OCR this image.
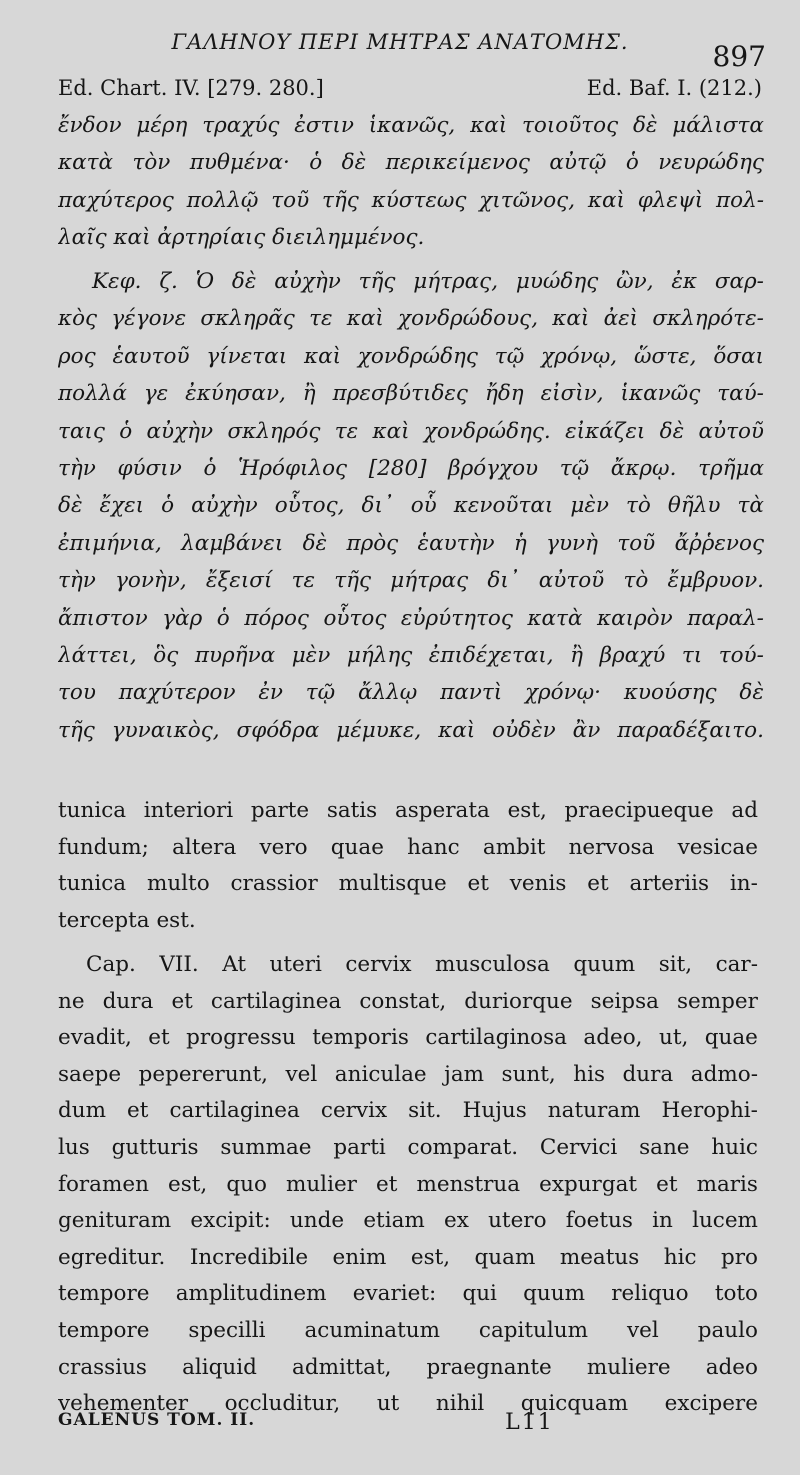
ΓΑΛΗΝΟΥ ΠΕΡΙ ΜΗΤΡΑΣ ΑΝΑΤΟΜΗΣ.	897
Ed. Chart. IV. [279. 280.]	Ed. Baf. I. (212.)
ἔνδον μέρη τραχύς ἐστιν ἱκανῶς, καὶ τοιοῦτος δὲ μάλιστα
κατὰ τὸν πυθμένα· ὁ δὲ περικείμενος αὐτῷ ὁ νευρώδης
παχύτερος πολλῷ τοῦ τῆς κύστεως χιτῶνος, καὶ φλεψὶ πολ-
λαῖς καὶ ἀρτηρίαις διειλημμένος.
Κεφ. ζ. Ὁ δὲ αὐχὴν τῆς μήτρας, μυώδης ὢν, ἐκ σαρ-
κὸς γέγονε σκληρᾶς τε καὶ χονδρώδους, καὶ ἀεὶ σκληρότε-
ρος ἑαυτοῦ γίνεται καὶ χονδρώδης τῷ χρόνῳ, ὥστε, ὅσαι
πολλά γε ἐκύησαν, ἢ πρεσβύτιδες ἤδη εἰσὶν, ἱκανῶς ταύ-
ταις ὁ αὐχὴν σκληρός τε καὶ χονδρώδης. εἰκάζει δὲ αὐτοῦ
τὴν φύσιν ὁ Ἡρόφιλος [280] βρόγχου τῷ ἄκρῳ. τρῆμα
δὲ ἔχει ὁ αὐχὴν οὗτος, δι᾽ οὗ κενοῦται μὲν τὸ θῆλυ τὰ
ἐπιμήνια, λαμβάνει δὲ πρὸς ἑαυτὴν ἡ γυνὴ τοῦ ἄῤῥενος
τὴν γονὴν, ἔξεισί τε τῆς μήτρας δι᾽ αὐτοῦ τὸ ἔμβρυον.
ἄπιστον γὰρ ὁ πόρος οὗτος εὐρύτητος κατὰ καιρὸν παραλ-
λάττει, ὃς πυρῆνα μὲν μήλης ἐπιδέχεται, ἢ βραχύ τι τού-
του παχύτερον ἐν τῷ ἄλλῳ παντὶ χρόνῳ· κυούσης δὲ
τῆς γυναικὸς, σφόδρα μέμυκε, καὶ οὐδὲν ἂν παραδέξαιτο.
tunica interiori parte satis asperata est, praecipueque ad
fundum; altera vero quae hanc ambit nervosa vesicae
tunica multo crassior multisque et venis et arteriis in-
tercepta est.
Cap. VII. At uteri cervix musculosa quum sit, car-
ne dura et cartilaginea constat, duriorque seipsa semper
evadit, et progressu temporis cartilaginosa adeo, ut, quae
saepe pepererunt, vel aniculae jam sunt, his dura admo-
dum et cartilaginea cervix sit. Hujus naturam Herophi-
lus gutturis summae parti comparat. Cervici sane huic
foramen est, quo mulier et menstrua expurgat et maris
genituram excipit: unde etiam ex utero foetus in lucem
egreditur. Incredibile enim est, quam meatus hic pro
tempore amplitudinem evariet: qui quum reliquo toto
tempore specilli acuminatum capitulum vel paulo
crassius aliquid admittat, praegnante muliere adeo
vehementer occluditur, ut nihil quicquam excipere
GALENUS TOM. II.	L11
